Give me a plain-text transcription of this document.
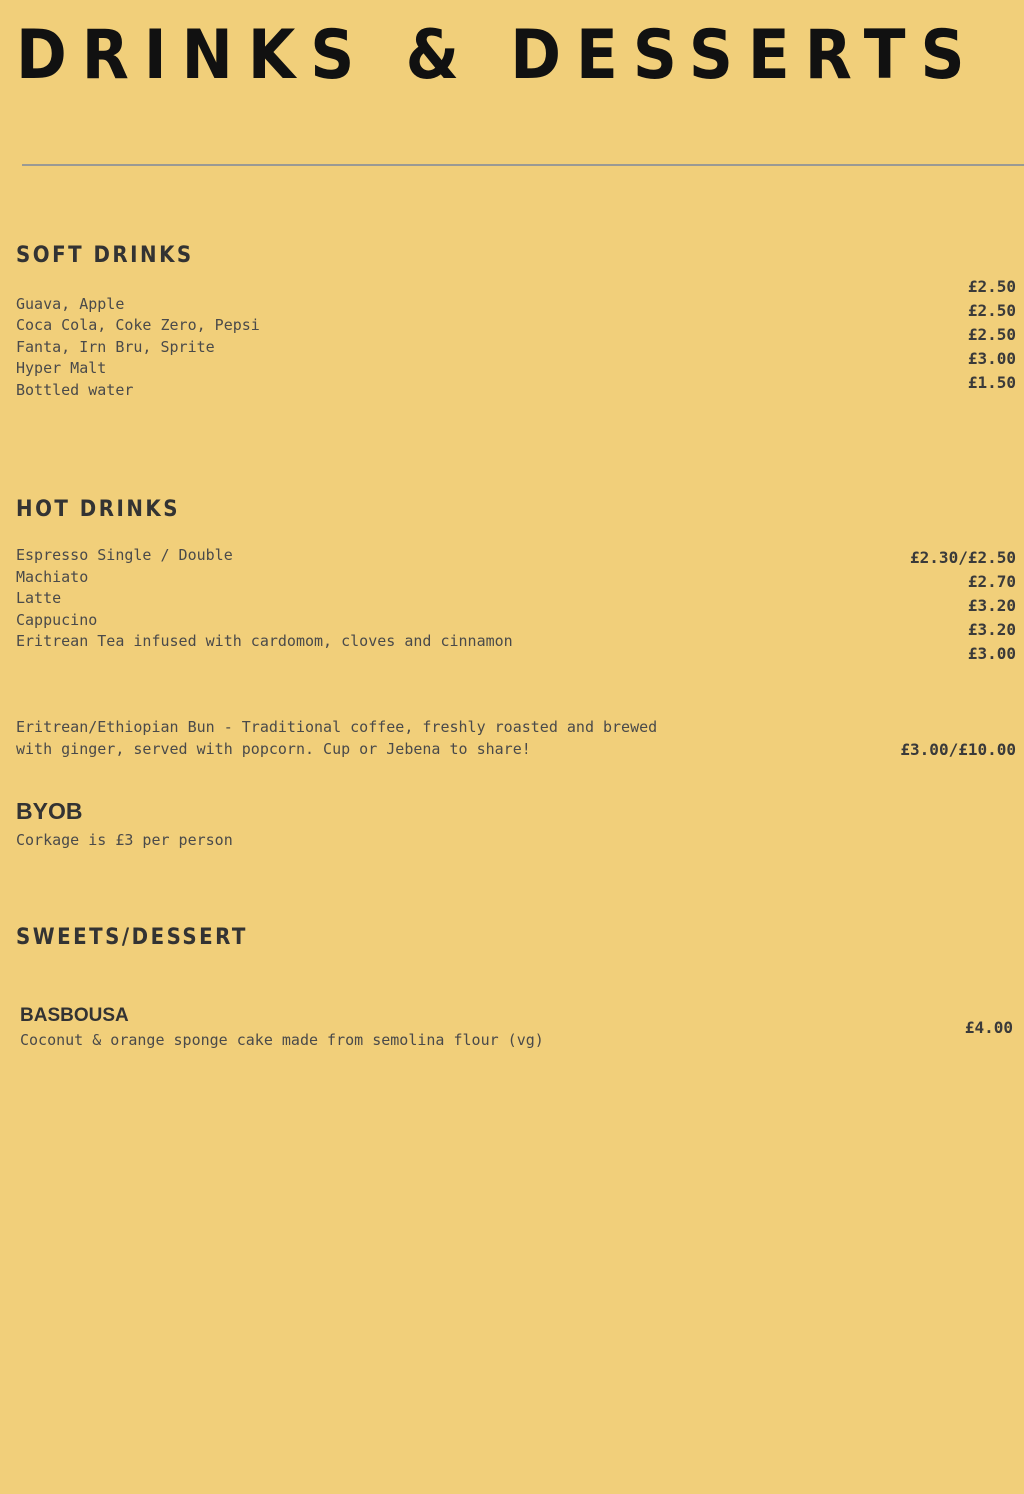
DRINKS & DESSERTS
SOFT DRINKS
Guava, Apple
Coca Cola, Coke Zero, Pepsi
Fanta, Irn Bru, Sprite
Hyper Malt
Bottled water
£2.50
£2.50
£2.50
£3.00
£1.50
HOT DRINKS
Espresso Single / Double
Machiato
Latte
Cappucino
Eritrean Tea infused with cardomom, cloves and cinnamon
£2.30/£2.50
£2.70
£3.20
£3.20
£3.00
Eritrean/Ethiopian Bun - Traditional coffee, freshly roasted and brewed
with ginger, served with popcorn. Cup or Jebena to share!	£3.00/£10.00
BYOB
Corkage is £3 per person
SWEETS/DESSERT
BASBOUSA
Coconut & orange sponge cake made from semolina flour (vg)
£4.00
